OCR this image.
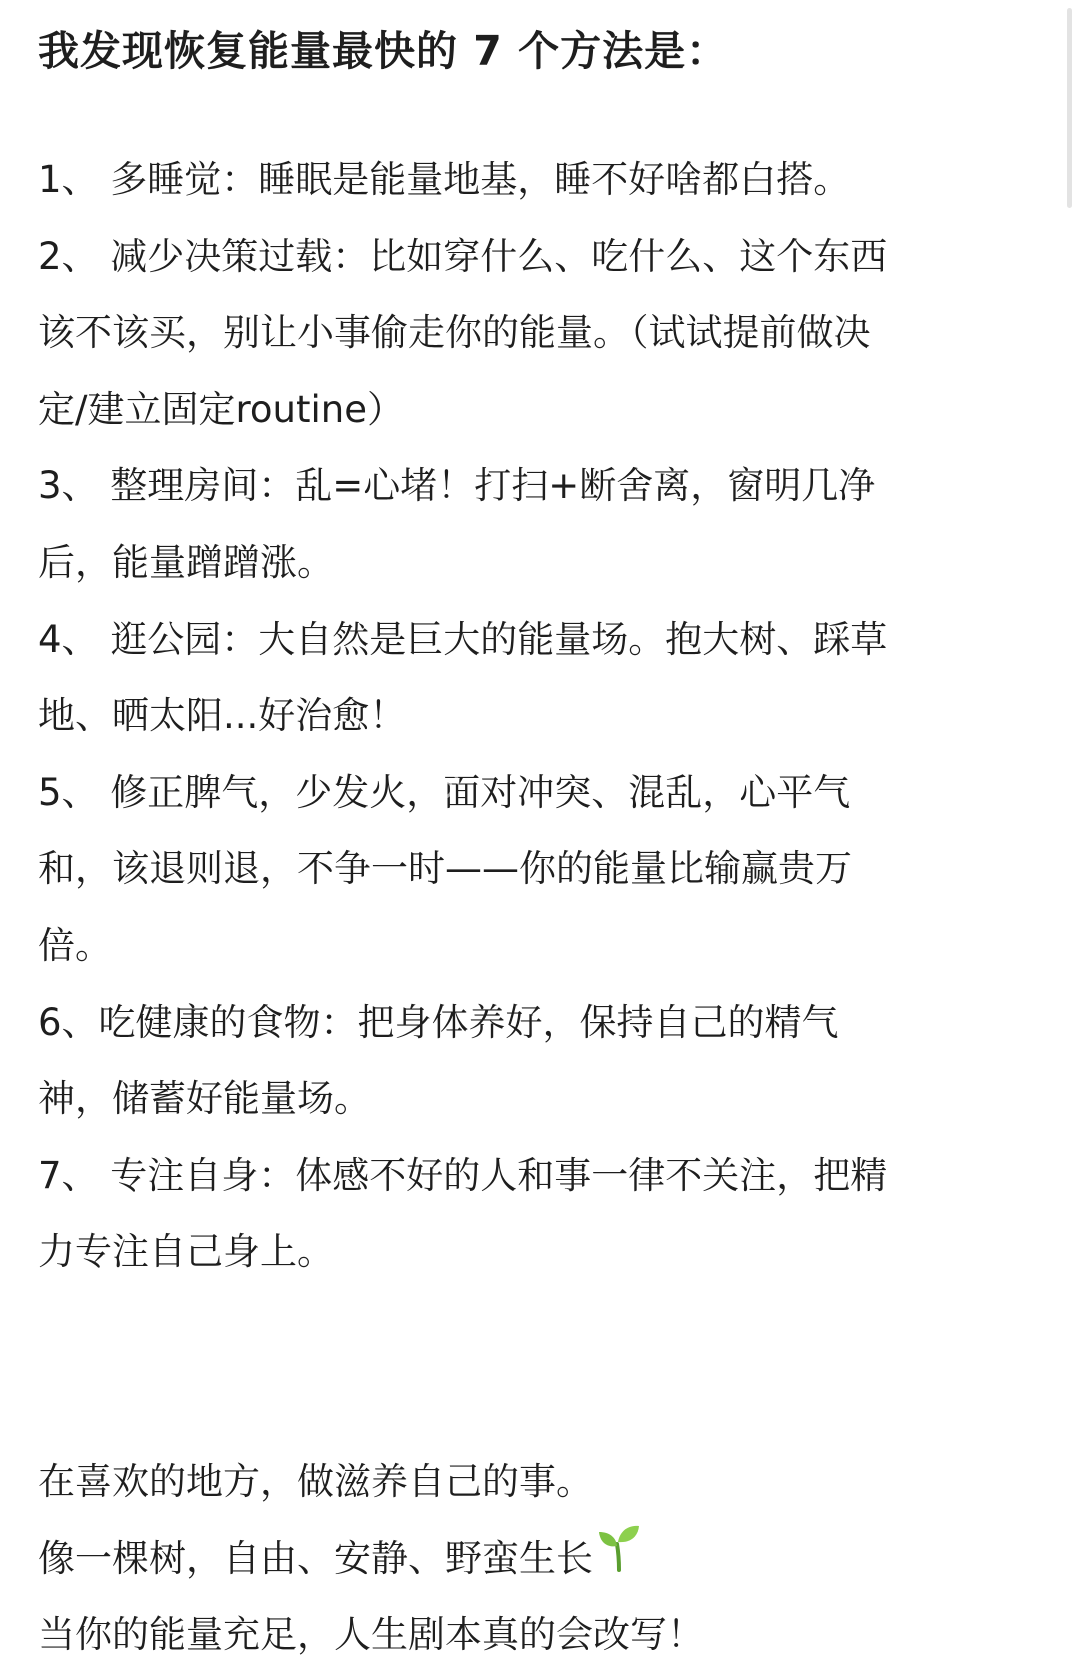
我发现恢复能量最快的 7 个方法是：
1、 多睡觉：睡眠是能量地基，睡不好啥都白搭。
2、 减少决策过载：比如穿什么、吃什么、这个东西
该不该买，别让小事偷走你的能量。（试试提前做决
定/建立固定routine）
3、 整理房间：乱=心堵！打扫+断舍离，窗明几净
后，能量蹭蹭涨。
4、 逛公园：大自然是巨大的能量场。抱大树、踩草
地、晒太阳...好治愈！
5、 修正脾气，少发火，面对冲突、混乱，心平气
和，该退则退，不争一时——你的能量比输赢贵万
倍。
6、吃健康的食物：把身体养好，保持自己的精气
神，储蓄好能量场。
7、 专注自身：体感不好的人和事一律不关注，把精
力专注自己身上。
在喜欢的地方，做滋养自己的事。
像一棵树，自由、安静、野蛮生长
当你的能量充足，人生剧本真的会改写！
